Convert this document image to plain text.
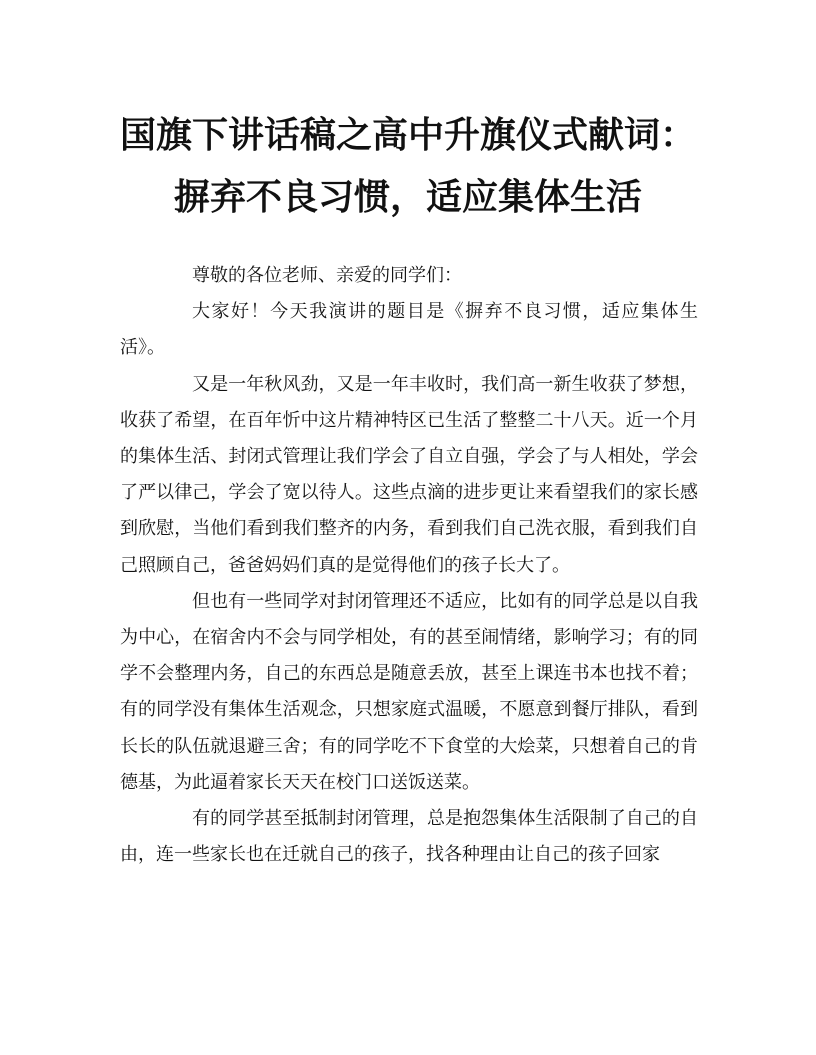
国旗下讲话稿之高中升旗仪式献词：摒弃不良习惯，适应集体生活

尊敬的各位老师、亲爱的同学们：

大家好！今天我演讲的题目是《摒弃不良习惯，适应集体生活》。

又是一年秋风劲，又是一年丰收时，我们高一新生收获了梦想，收获了希望，在百年忻中这片精神特区已生活了整整二十八天。近一个月的集体生活、封闭式管理让我们学会了自立自强，学会了与人相处，学会了严以律己，学会了宽以待人。这些点滴的进步更让来看望我们的家长感到欣慰，当他们看到我们整齐的内务，看到我们自己洗衣服，看到我们自己照顾自己，爸爸妈妈们真的是觉得他们的孩子长大了。

但也有一些同学对封闭管理还不适应，比如有的同学总是以自我为中心，在宿舍内不会与同学相处，有的甚至闹情绪，影响学习；有的同学不会整理内务，自己的东西总是随意丢放，甚至上课连书本也找不着；有的同学没有集体生活观念，只想家庭式温暖，不愿意到餐厅排队，看到长长的队伍就退避三舍；有的同学吃不下食堂的大烩菜，只想着自己的肯德基，为此逼着家长天天在校门口送饭送菜。

有的同学甚至抵制封闭管理，总是抱怨集体生活限制了自己的自由，连一些家长也在迁就自己的孩子，找各种理由让自己的孩子回家
